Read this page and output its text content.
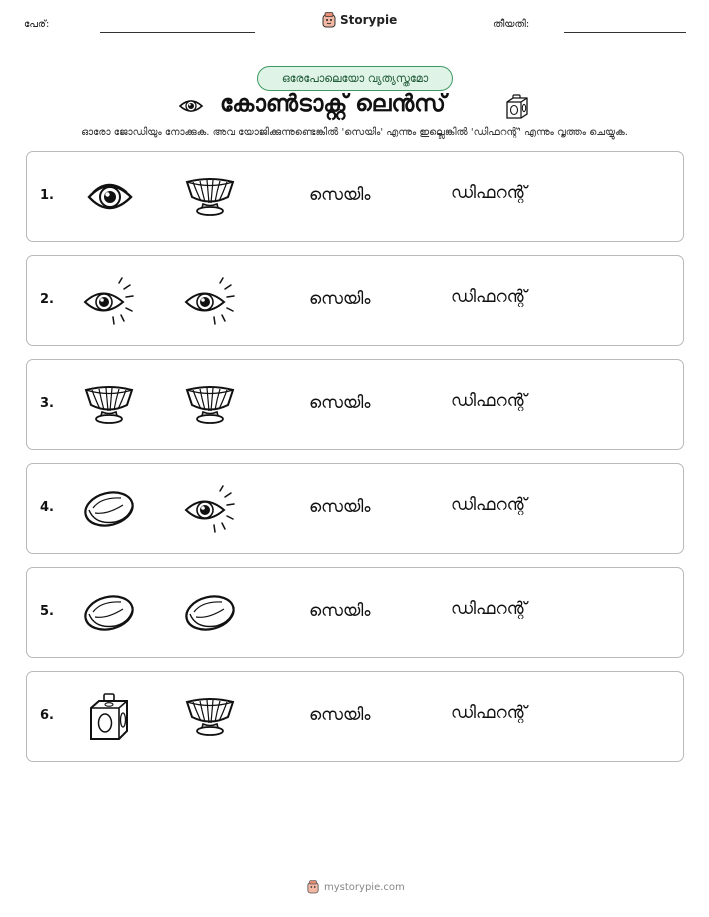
പേര്:	Storypie	തീയതി:
ഒരേപോലെയോ വ്യത്യസ്തമോ
കോൺടാക്റ്റ് ലെൻസ്
ഓരോ ജോഡിയും നോക്കുക. അവ യോജിക്കുന്നുണ്ടെങ്കിൽ 'സെയിം' എന്നും ഇല്ലെങ്കിൽ 'ഡിഫറന്റ്' എന്നും വൃത്തം ചെയ്യുക.
1.	സെയിം	ഡിഫറന്റ്
2.	സെയിം	ഡിഫറന്റ്
3.	സെയിം	ഡിഫറന്റ്
4.	സെയിം	ഡിഫറന്റ്
5.	സെയിം	ഡിഫറന്റ്
6.	സെയിം	ഡിഫറന്റ്
mystorypie.com
